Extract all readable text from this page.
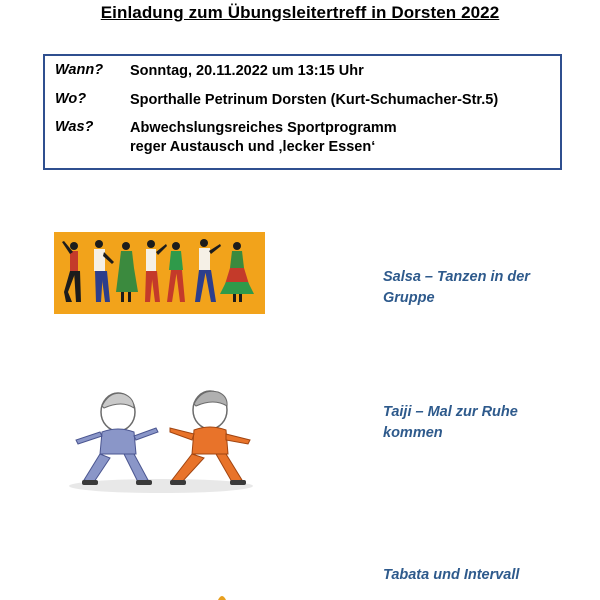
Einladung zum Übungsleitertreff in Dorsten 2022
Wann?	Sonntag, 20.11.2022 um 13:15 Uhr
Wo?	Sporthalle Petrinum Dorsten (Kurt-Schumacher-Str.5)
Was?	Abwechslungsreiches Sportprogramm
reger Austausch und ‚lecker Essen‘
Salsa – Tanzen in der
Gruppe
Taiji – Mal zur Ruhe
kommen
Tabata und Intervall
